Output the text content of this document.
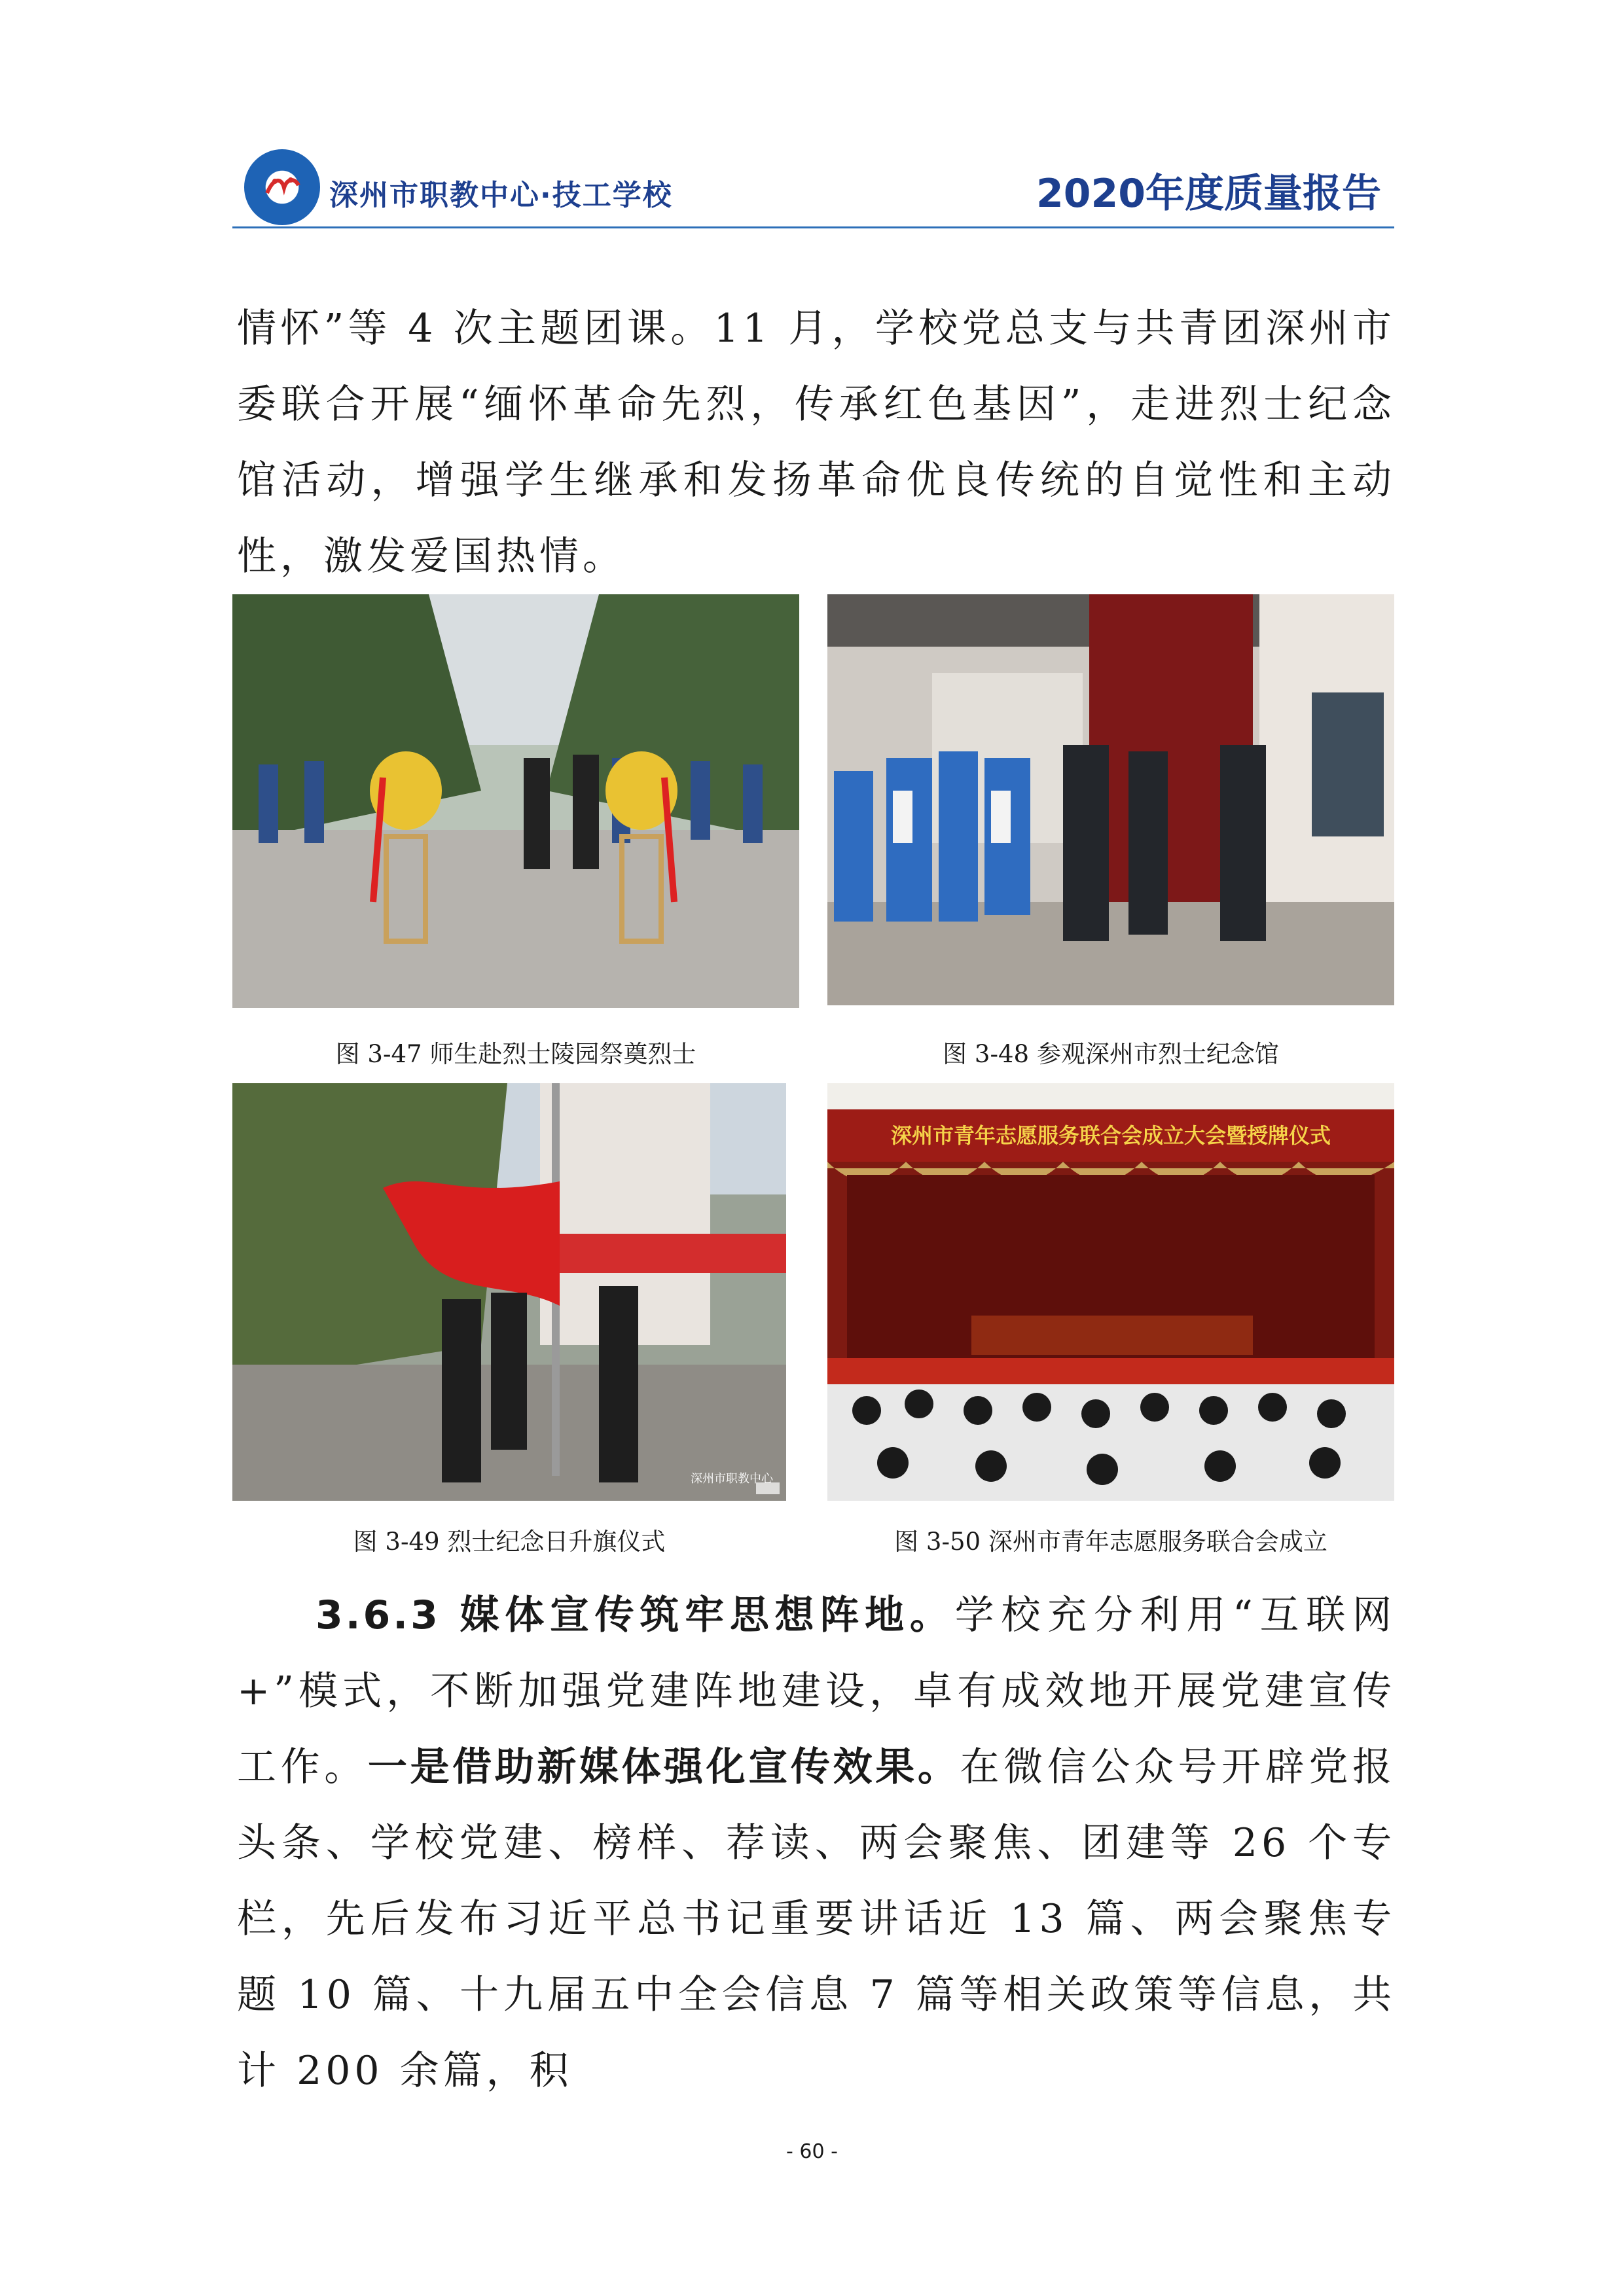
深州市职教中心·技工学校	2020年度质量报告

情怀”等 4 次主题团课。11 月，学校党总支与共青团深州市委联合开展“缅怀革命先烈，传承红色基因”，走进烈士纪念馆活动，增强学生继承和发扬革命优良传统的自觉性和主动性，激发爱国热情。

图 3-47 师生赴烈士陵园祭奠烈士	图 3-48 参观深州市烈士纪念馆
深州市职教中心
图 3-49 烈士纪念日升旗仪式
深州市青年志愿服务联合会成立大会暨授牌仪式
图 3-50 深州市青年志愿服务联合会成立

3.6.3 媒体宣传筑牢思想阵地。学校充分利用“互联网+”模式，不断加强党建阵地建设，卓有成效地开展党建宣传工作。一是借助新媒体强化宣传效果。在微信公众号开辟党报头条、学校党建、榜样、荐读、两会聚焦、团建等 26 个专栏，先后发布习近平总书记重要讲话近 13 篇、两会聚焦专题 10 篇、十九届五中全会信息 7 篇等相关政策等信息，共计 200 余篇，积

- 60 -
